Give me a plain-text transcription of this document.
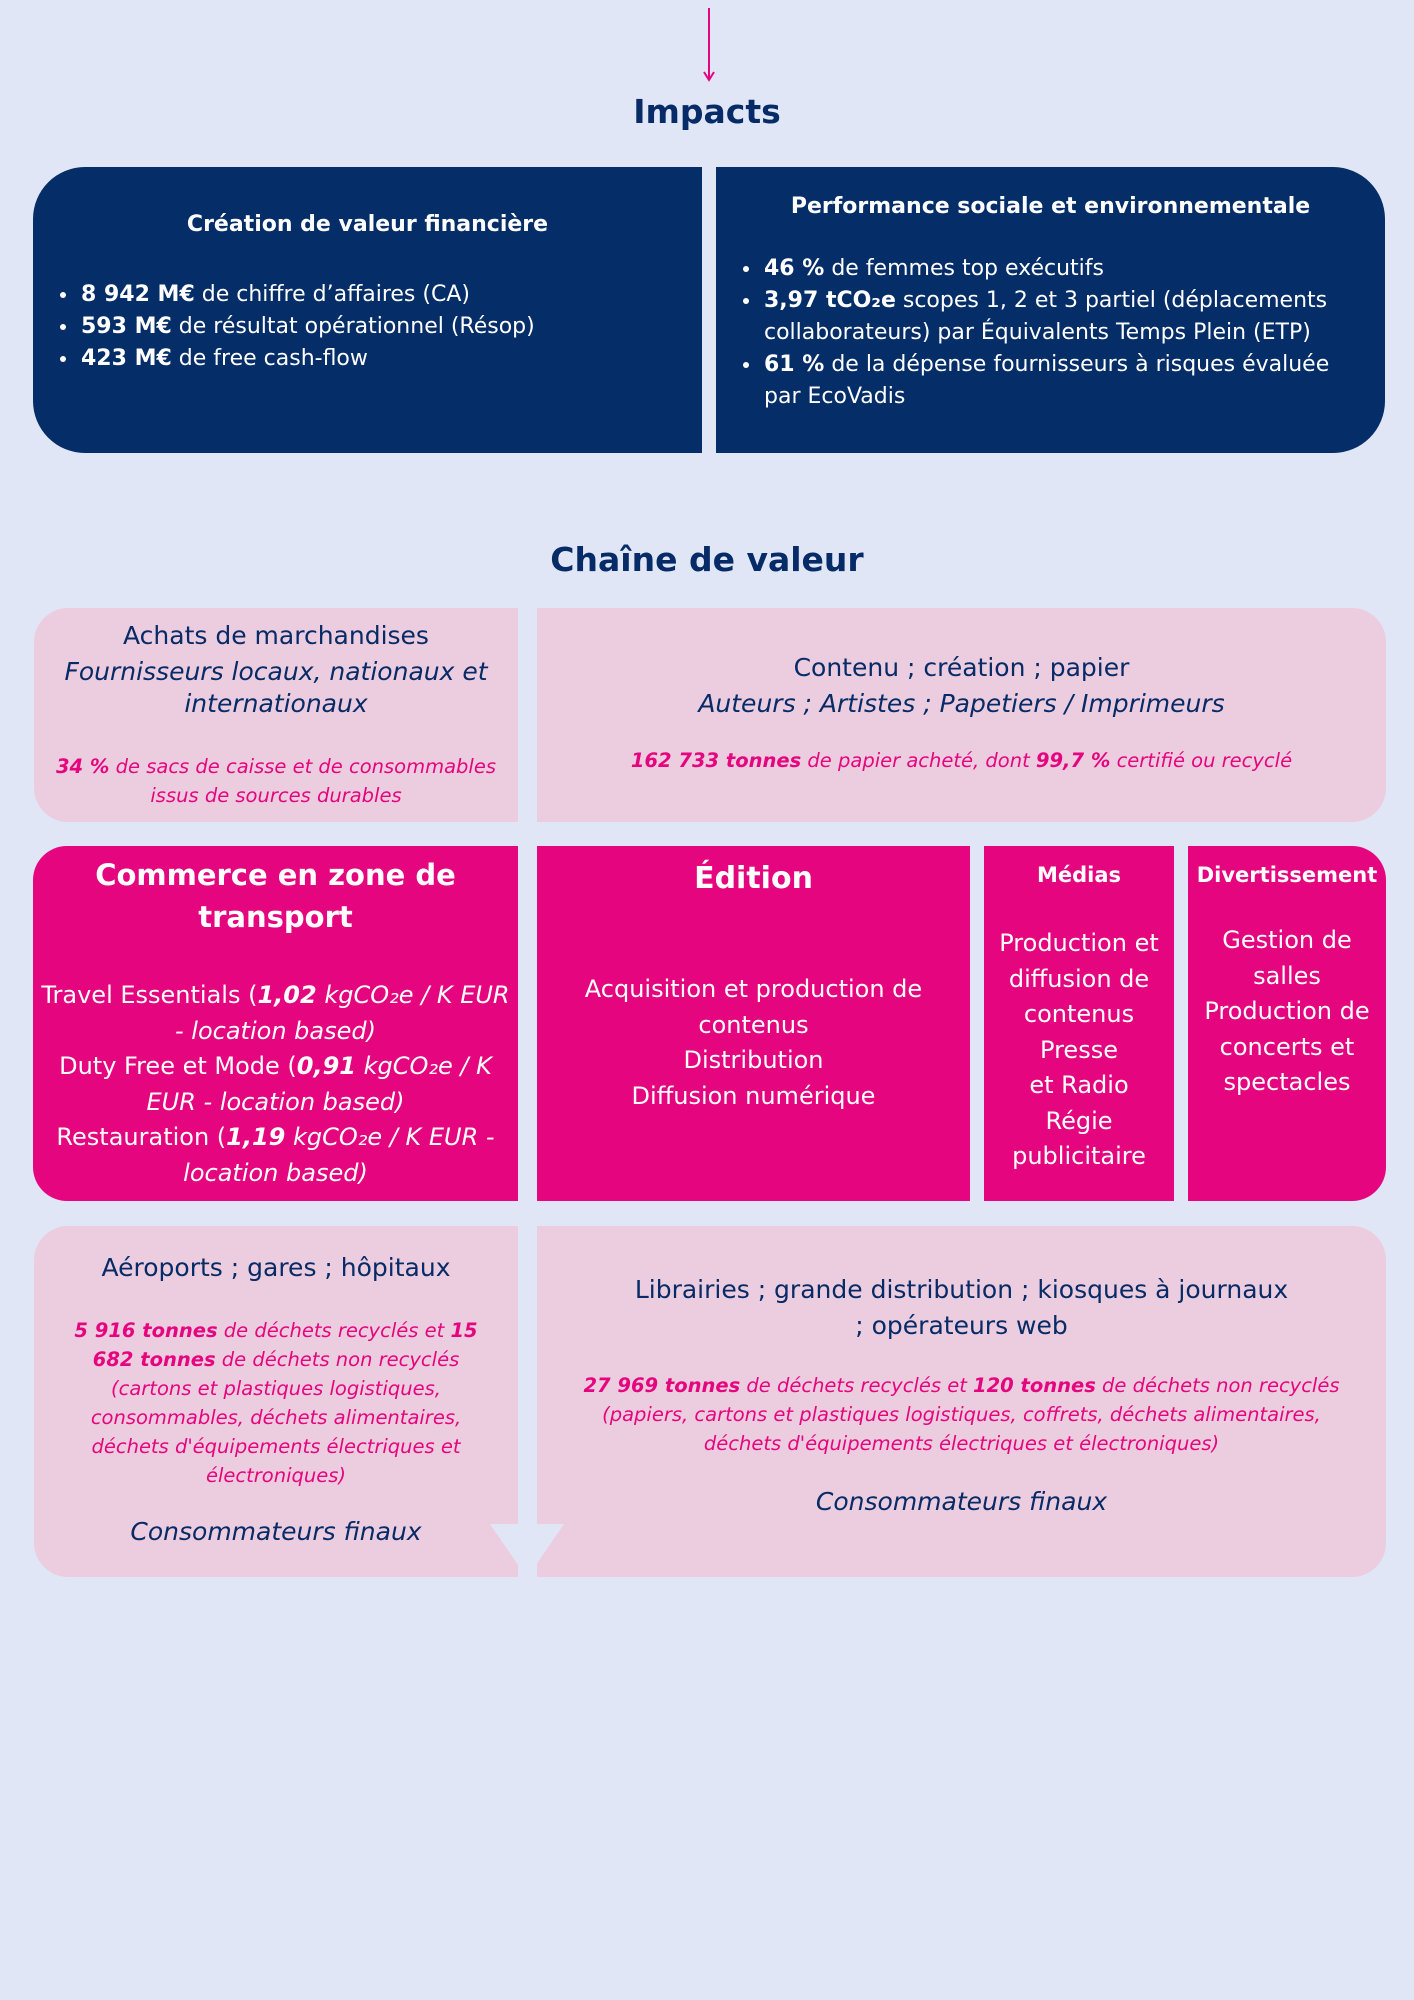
Impacts
Création de valeur financière
• 8 942 M€ de chiffre d’affaires (CA)
• 593 M€ de résultat opérationnel (Résop)
• 423 M€ de free cash-flow
Performance sociale et environnementale
• 46 % de femmes top exécutifs
• 3,97 tCO₂e scopes 1, 2 et 3 partiel (déplacements collaborateurs) par Équivalents Temps Plein (ETP)
• 61 % de la dépense fournisseurs à risques évaluée par EcoVadis
Chaîne de valeur
Achats de marchandises
Fournisseurs locaux, nationaux et internationaux
34 % de sacs de caisse et de consommables issus de sources durables
Contenu ; création ; papier
Auteurs ; Artistes ; Papetiers / Imprimeurs
162 733 tonnes de papier acheté, dont 99,7 % certifié ou recyclé
Commerce en zone de transport
Travel Essentials (1,02 kgCO₂e / K EUR - location based)
Duty Free et Mode (0,91 kgCO₂e / K EUR - location based)
Restauration (1,19 kgCO₂e / K EUR - location based)
Édition
Acquisition et production de contenus
Distribution
Diffusion numérique
Médias
Production et diffusion de contenus
Presse
et Radio
Régie publicitaire
Divertissement
Gestion de salles
Production de concerts et spectacles
Aéroports ; gares ; hôpitaux
5 916 tonnes de déchets recyclés et 15 682 tonnes de déchets non recyclés (cartons et plastiques logistiques, consommables, déchets alimentaires, déchets d'équipements électriques et électroniques)
Consommateurs finaux
Librairies ; grande distribution ; kiosques à journaux ; opérateurs web
27 969 tonnes de déchets recyclés et 120 tonnes de déchets non recyclés (papiers, cartons et plastiques logistiques, coffrets, déchets alimentaires, déchets d'équipements électriques et électroniques)
Consommateurs finaux
